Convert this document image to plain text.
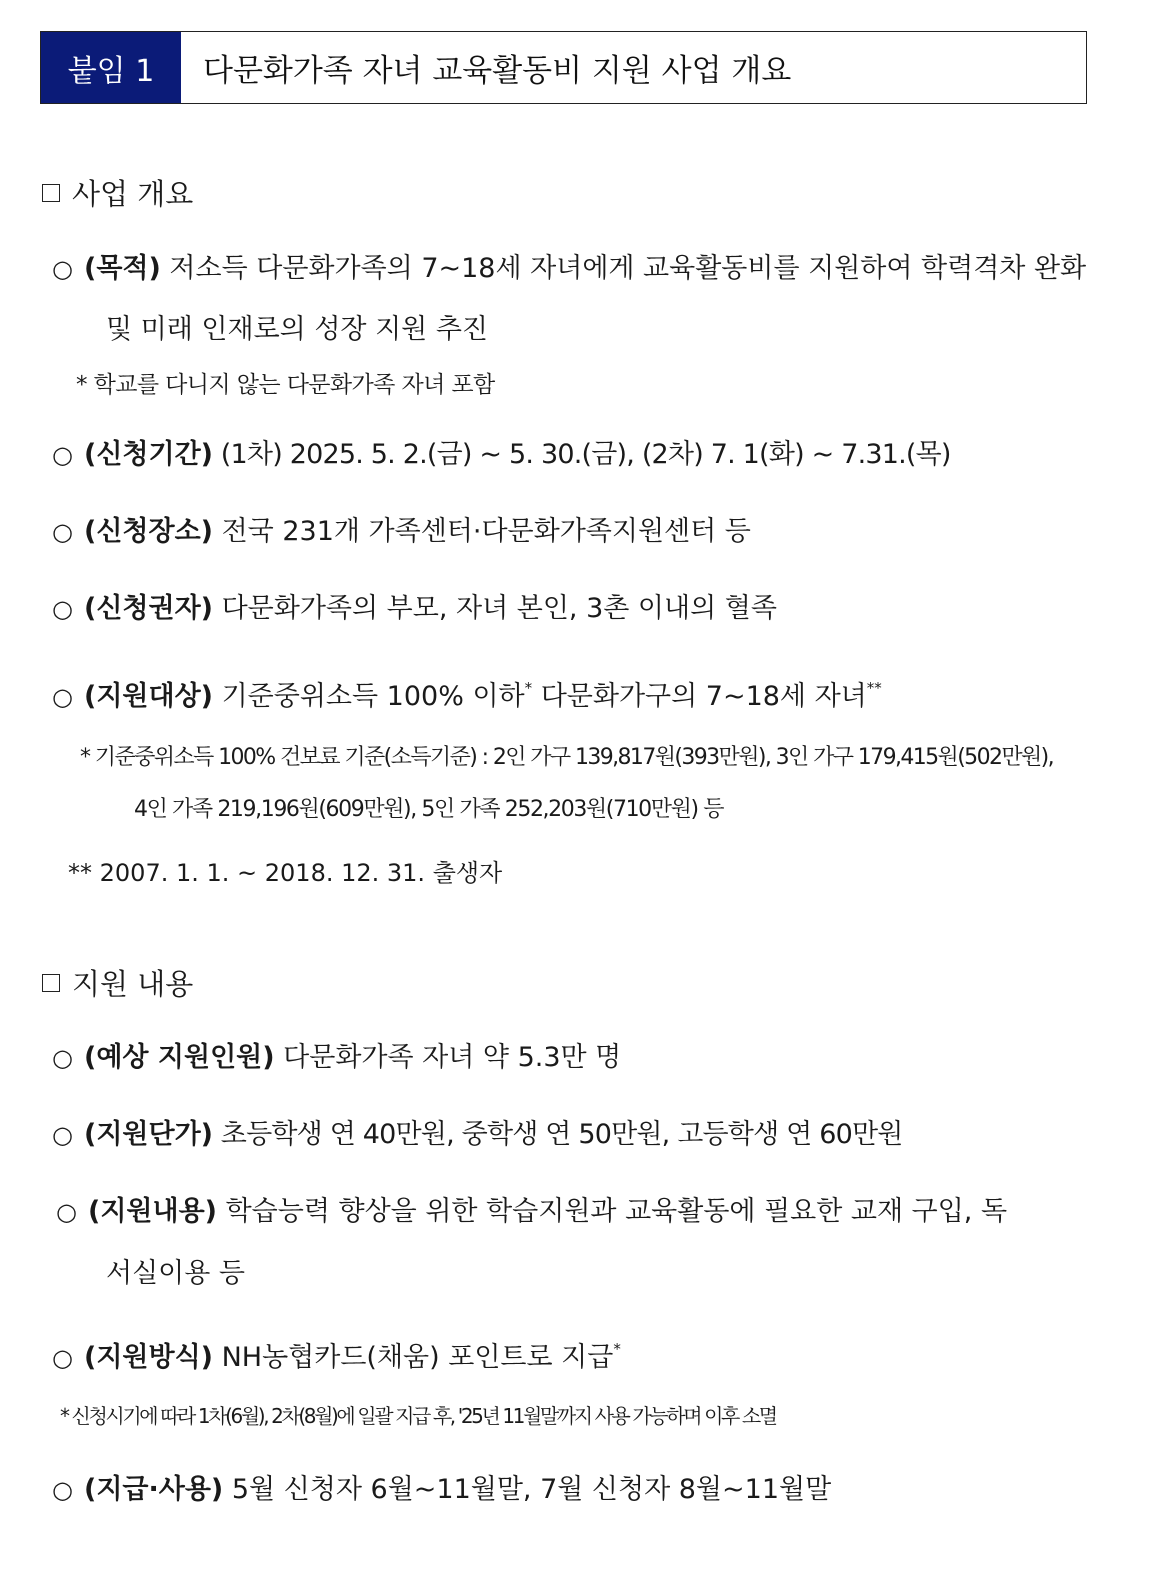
붙임 1	다문화가족 자녀 교육활동비 지원 사업 개요
사업 개요
○ (목적) 저소득 다문화가족의 7~18세 자녀에게 교육활동비를 지원하여 학력격차 완화
및 미래 인재로의 성장 지원 추진
* 학교를 다니지 않는 다문화가족 자녀 포함
○ (신청기간) (1차) 2025. 5. 2.(금) ~ 5. 30.(금), (2차) 7. 1(화) ~ 7.31.(목)
○ (신청장소) 전국 231개 가족센터·다문화가족지원센터 등
○ (신청권자) 다문화가족의 부모, 자녀 본인, 3촌 이내의 혈족
○ (지원대상) 기준중위소득 100% 이하* 다문화가구의 7~18세 자녀**
* 기준중위소득 100% 건보료 기준(소득기준) : 2인 가구 139,817원(393만원), 3인 가구 179,415원(502만원),
4인 가족 219,196원(609만원), 5인 가족 252,203원(710만원) 등
** 2007. 1. 1. ~ 2018. 12. 31. 출생자
지원 내용
○ (예상 지원인원) 다문화가족 자녀 약 5.3만 명
○ (지원단가) 초등학생 연 40만원, 중학생 연 50만원, 고등학생 연 60만원
○ (지원내용) 학습능력 향상을 위한 학습지원과 교육활동에 필요한 교재 구입, 독
서실이용 등
○ (지원방식) NH농협카드(채움) 포인트로 지급*
* 신청시기에 따라 1차(6월), 2차(8월)에 일괄 지급 후, '25년 11월말까지 사용 가능하며 이후 소멸
○ (지급·사용) 5월 신청자 6월~11월말, 7월 신청자 8월~11월말
